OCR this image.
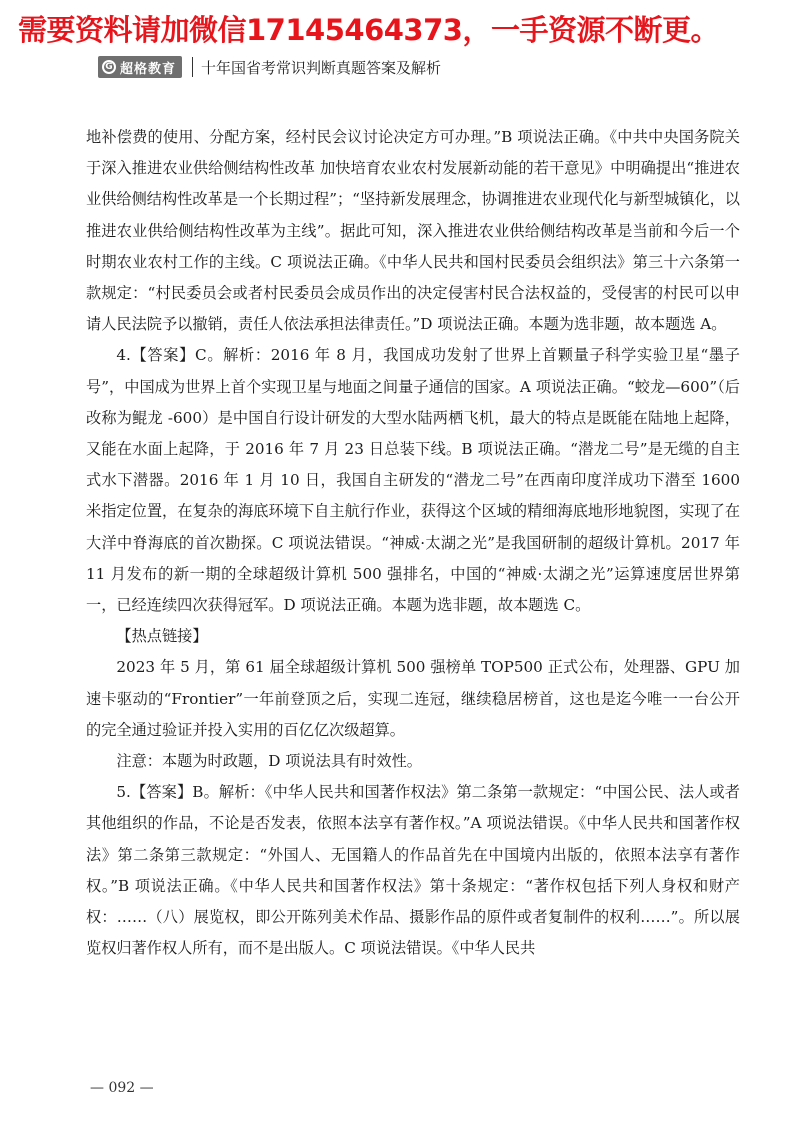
需要资料请加微信17145464373，一手资源不断更。
G 超格教育 十年国省考常识判断真题答案及解析

地补偿费的使用、分配方案，经村民会议讨论决定方可办理。”B 项说法正确。《中共中央国务院关于深入推进农业供给侧结构性改革 加快培育农业农村发展新动能的若干意见》中明确提出“推进农业供给侧结构性改革是一个长期过程”；“坚持新发展理念，协调推进农业现代化与新型城镇化，以推进农业供给侧结构性改革为主线”。据此可知，深入推进农业供给侧结构改革是当前和今后一个时期农业农村工作的主线。C 项说法正确。《中华人民共和国村民委员会组织法》第三十六条第一款规定：“村民委员会或者村民委员会成员作出的决定侵害村民合法权益的，受侵害的村民可以申请人民法院予以撤销，责任人依法承担法律责任。”D 项说法正确。本题为选非题，故本题选 A。

4.【答案】C。解析：2016 年 8 月，我国成功发射了世界上首颗量子科学实验卫星“墨子号”，中国成为世界上首个实现卫星与地面之间量子通信的国家。A 项说法正确。“蛟龙—600”（后改称为鲲龙 -600）是中国自行设计研发的大型水陆两栖飞机，最大的特点是既能在陆地上起降，又能在水面上起降，于 2016 年 7 月 23 日总装下线。B 项说法正确。“潜龙二号”是无缆的自主式水下潜器。2016 年 1 月 10 日，我国自主研发的“潜龙二号”在西南印度洋成功下潜至 1600 米指定位置，在复杂的海底环境下自主航行作业，获得这个区域的精细海底地形地貌图，实现了在大洋中脊海底的首次勘探。C 项说法错误。“神威·太湖之光”是我国研制的超级计算机。2017 年 11 月发布的新一期的全球超级计算机 500 强排名，中国的“神威·太湖之光”运算速度居世界第一，已经连续四次获得冠军。D 项说法正确。本题为选非题，故本题选 C。

【热点链接】

2023 年 5 月，第 61 届全球超级计算机 500 强榜单 TOP500 正式公布，处理器、GPU 加速卡驱动的“Frontier”一年前登顶之后，实现二连冠，继续稳居榜首，这也是迄今唯一一台公开的完全通过验证并投入实用的百亿亿次级超算。

注意：本题为时政题，D 项说法具有时效性。

5.【答案】B。解析：《中华人民共和国著作权法》第二条第一款规定：“中国公民、法人或者其他组织的作品，不论是否发表，依照本法享有著作权。”A 项说法错误。《中华人民共和国著作权法》第二条第三款规定：“外国人、无国籍人的作品首先在中国境内出版的，依照本法享有著作权。”B 项说法正确。《中华人民共和国著作权法》第十条规定：“著作权包括下列人身权和财产权：……（八）展览权，即公开陈列美术作品、摄影作品的原件或者复制件的权利……”。所以展览权归著作权人所有，而不是出版人。C 项说法错误。《中华人民共

— 092 —
